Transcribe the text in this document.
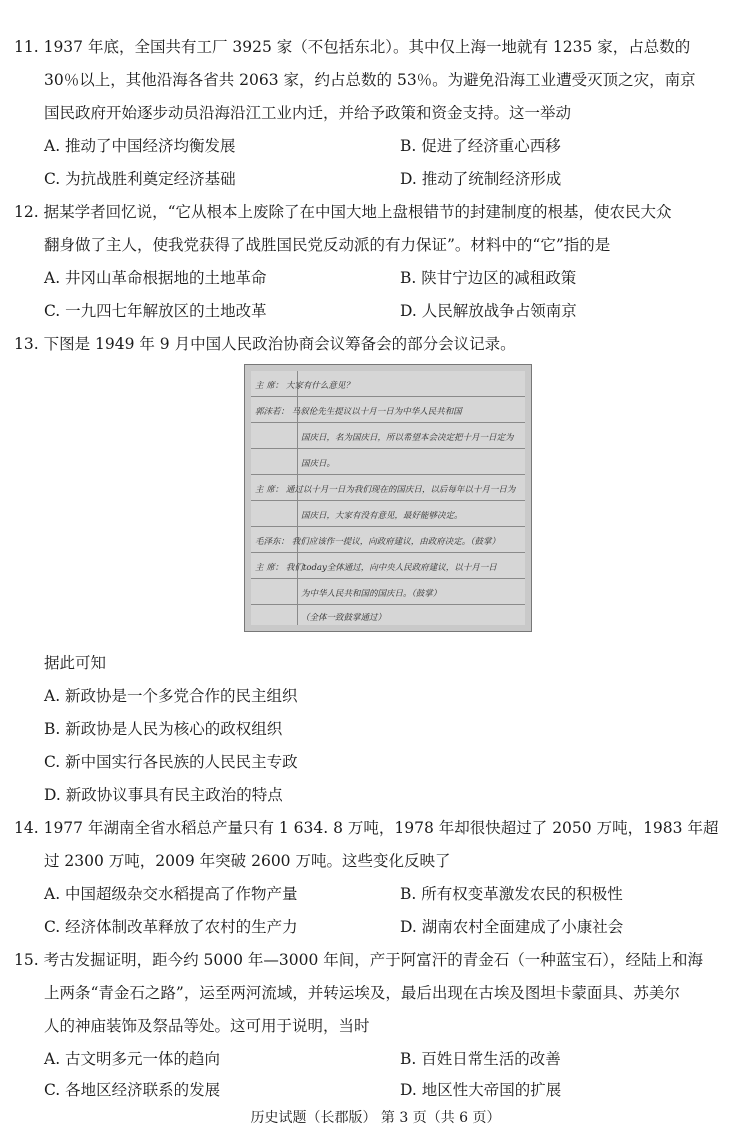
11. 1937 年底，全国共有工厂 3925 家（不包括东北）。其中仅上海一地就有 1235 家，占总数的
30％以上，其他沿海各省共 2063 家，约占总数的 53％。为避免沿海工业遭受灭顶之灾，南京
国民政府开始逐步动员沿海沿江工业内迁，并给予政策和资金支持。这一举动
A. 推动了中国经济均衡发展	B. 促进了经济重心西移
C. 为抗战胜利奠定经济基础	D. 推动了统制经济形成
12. 据某学者回忆说，“它从根本上废除了在中国大地上盘根错节的封建制度的根基，使农民大众
翻身做了主人，使我党获得了战胜国民党反动派的有力保证”。材料中的“它”指的是
A. 井冈山革命根据地的土地革命	B. 陕甘宁边区的减租政策
C. 一九四七年解放区的土地改革	D. 人民解放战争占领南京
13. 下图是 1949 年 9 月中国人民政治协商会议筹备会的部分会议记录。
主 席： 大家有什么意见？
郭沫若： 马叙伦先生提议以十月一日为中华人民共和国
国庆日，名为国庆日，所以希望本会决定把十月一日定为
国庆日。
主 席： 通过以十月一日为我们现在的国庆日，以后每年以十月一日为
国庆日，大家有没有意见，最好能够决定。
毛泽东： 我们应该作一提议，向政府建议，由政府决定。（鼓掌）
主 席： 我们today全体通过，向中央人民政府建议，以十月一日
为中华人民共和国的国庆日。（鼓掌）
（全体一致鼓掌通过）
据此可知
A. 新政协是一个多党合作的民主组织
B. 新政协是人民为核心的政权组织
C. 新中国实行各民族的人民民主专政
D. 新政协议事具有民主政治的特点
14. 1977 年湖南全省水稻总产量只有 1 634. 8 万吨，1978 年却很快超过了 2050 万吨，1983 年超
过 2300 万吨，2009 年突破 2600 万吨。这些变化反映了
A. 中国超级杂交水稻提高了作物产量	B. 所有权变革激发农民的积极性
C. 经济体制改革释放了农村的生产力	D. 湖南农村全面建成了小康社会
15. 考古发掘证明，距今约 5000 年—3000 年间，产于阿富汗的青金石（一种蓝宝石），经陆上和海
上两条“青金石之路”，运至两河流域，并转运埃及，最后出现在古埃及图坦卡蒙面具、苏美尔
人的神庙装饰及祭品等处。这可用于说明，当时
A. 古文明多元一体的趋向	B. 百姓日常生活的改善
C. 各地区经济联系的发展	D. 地区性大帝国的扩展
历史试题（长郡版） 第 3 页（共 6 页）
